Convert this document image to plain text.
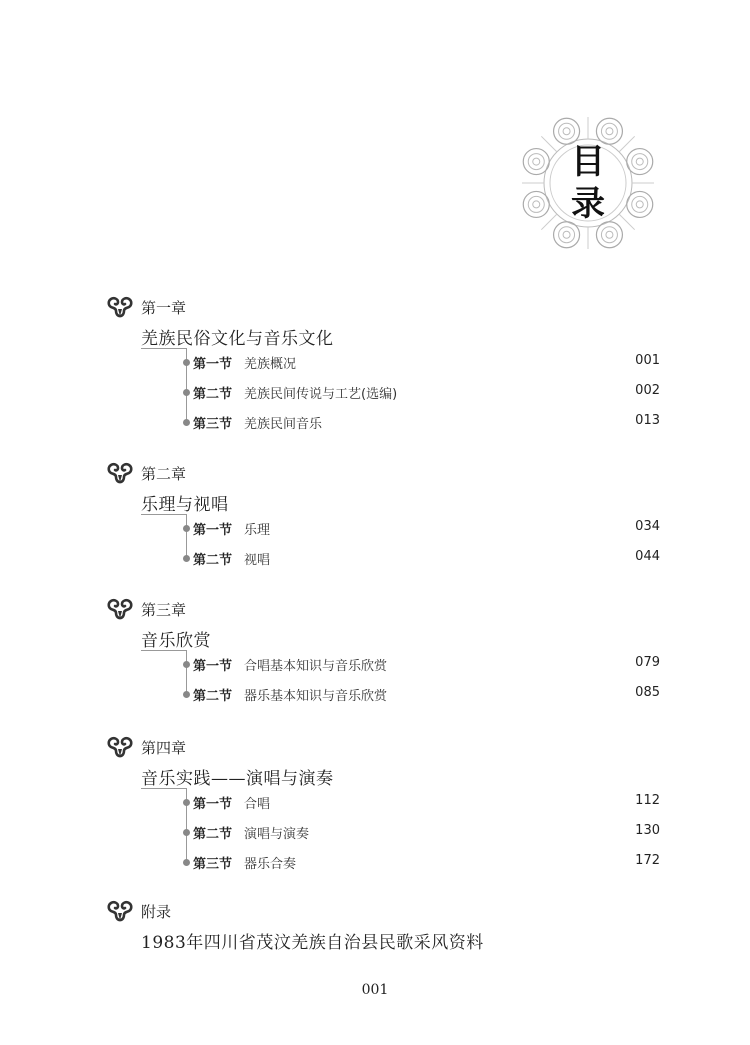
目
录
第一章
羌族民俗文化与音乐文化
第一节 羌族概况	001
第二节 羌族民间传说与工艺(选编)	002
第三节 羌族民间音乐	013
第二章
乐理与视唱
第一节 乐理	034
第二节 视唱	044
第三章
音乐欣赏
第一节 合唱基本知识与音乐欣赏	079
第二节 器乐基本知识与音乐欣赏	085
第四章
音乐实践——演唱与演奏
第一节 合唱	112
第二节 演唱与演奏	130
第三节 器乐合奏	172
附录
1983年四川省茂汶羌族自治县民歌采风资料
001
